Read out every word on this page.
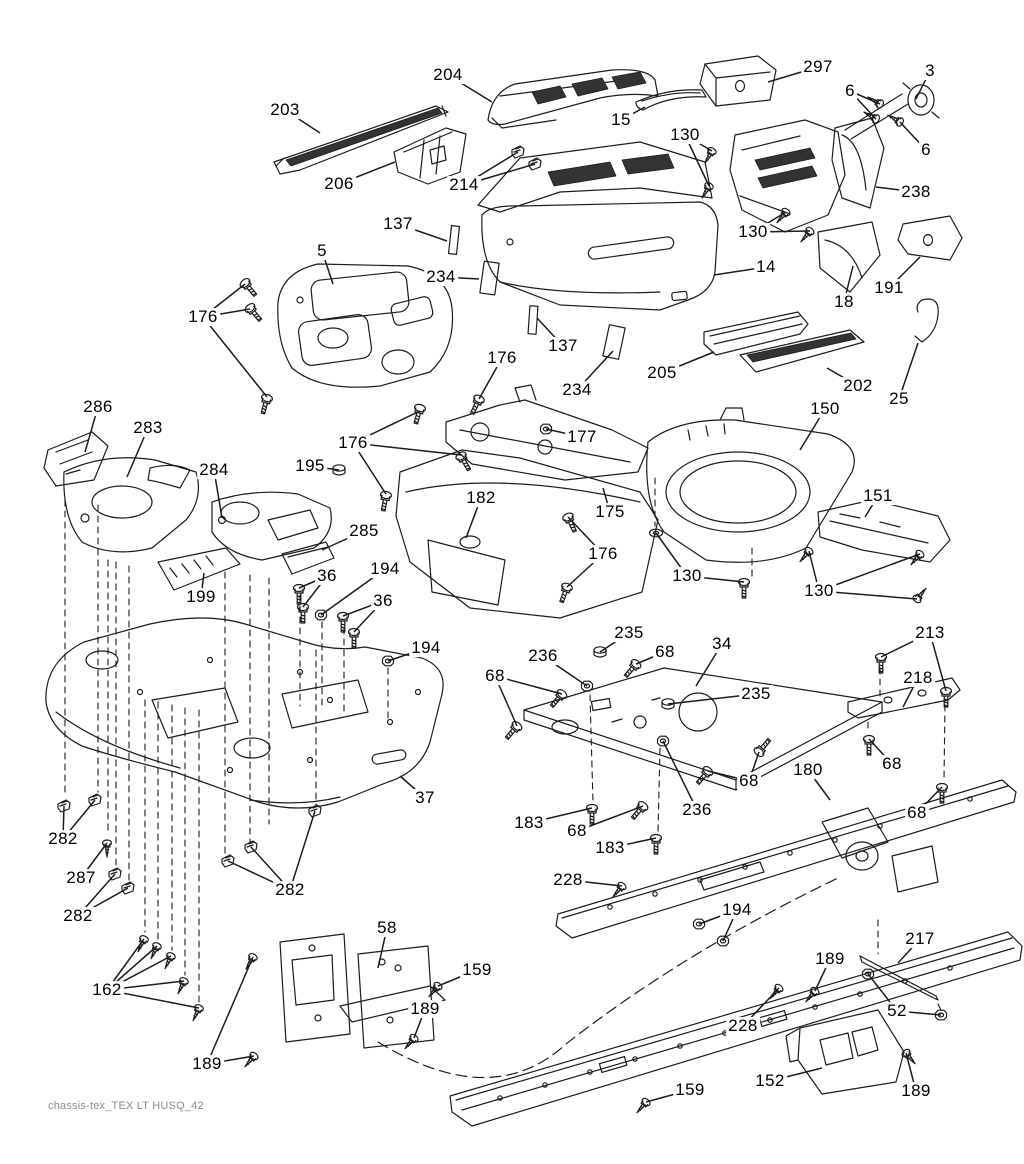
204	297	3
203
6
15
6
130
206	214	238
137	130
5
234
14
191
18
176
137
176
205
202
234	25
286	150
283	177
176
195
284
151
182
175
285
176
194
36	130
130
199	36
235	213
34
194	68
236
68	218
235
68
180
68
37
236	68
183 68
282	183
287	228
282
194
282
58
217
189
159
162
189	52
228
189
152
159	189
chassis-tex_TEX LT HUSQ_42
